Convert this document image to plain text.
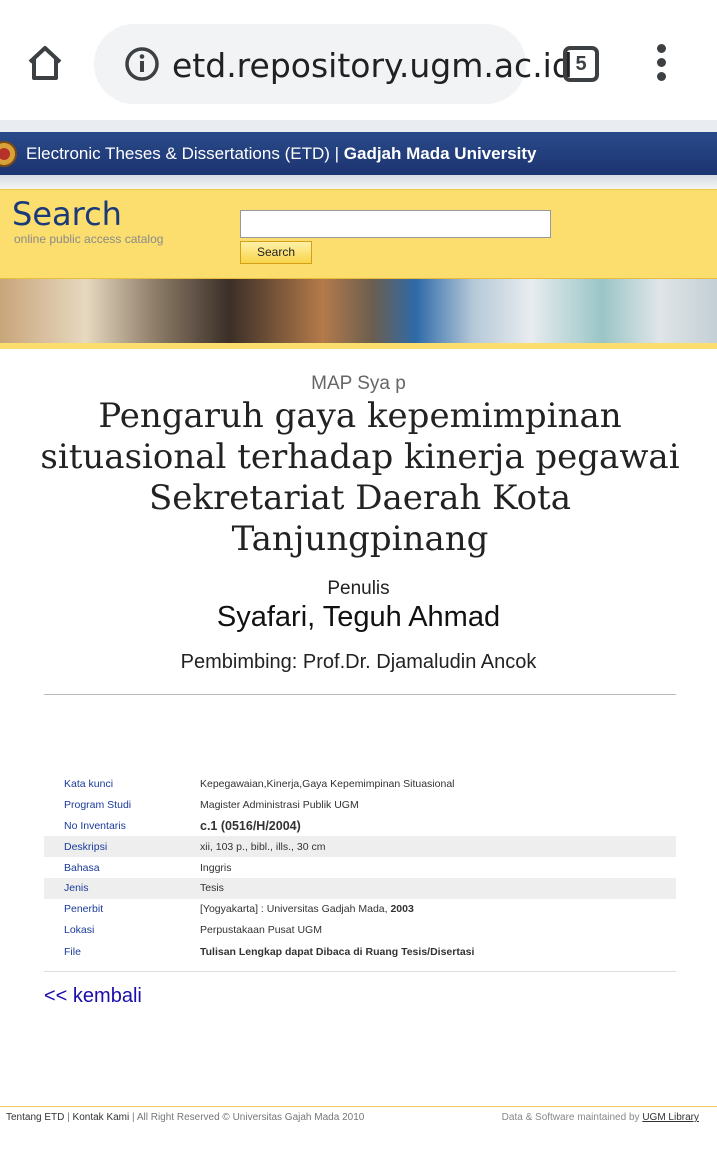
etd.repository.ugm.ac.id 5
Electronic Theses & Dissertations (ETD) | Gadjah Mada University
Search
online public access catalog
Search
MAP Sya p
Pengaruh gaya kepemimpinan situasional terhadap kinerja pegawai Sekretariat Daerah Kota Tanjungpinang
Penulis
Syafari, Teguh Ahmad
Pembimbing: Prof.Dr. Djamaludin Ancok
Kata kunci	Kepegawaian,Kinerja,Gaya Kepemimpinan Situasional
Program Studi	Magister Administrasi Publik UGM
No Inventaris	c.1 (0516/H/2004)
Deskripsi	xii, 103 p., bibl., ills., 30 cm
Bahasa	Inggris
Jenis	Tesis
Penerbit	[Yogyakarta] : Universitas Gadjah Mada, 2003
Lokasi	Perpustakaan Pusat UGM
File	Tulisan Lengkap dapat Dibaca di Ruang Tesis/Disertasi
<< kembali
Tentang ETD | Kontak Kami | All Right Reserved © Universitas Gajah Mada 2010	Data & Software maintained by UGM Library
